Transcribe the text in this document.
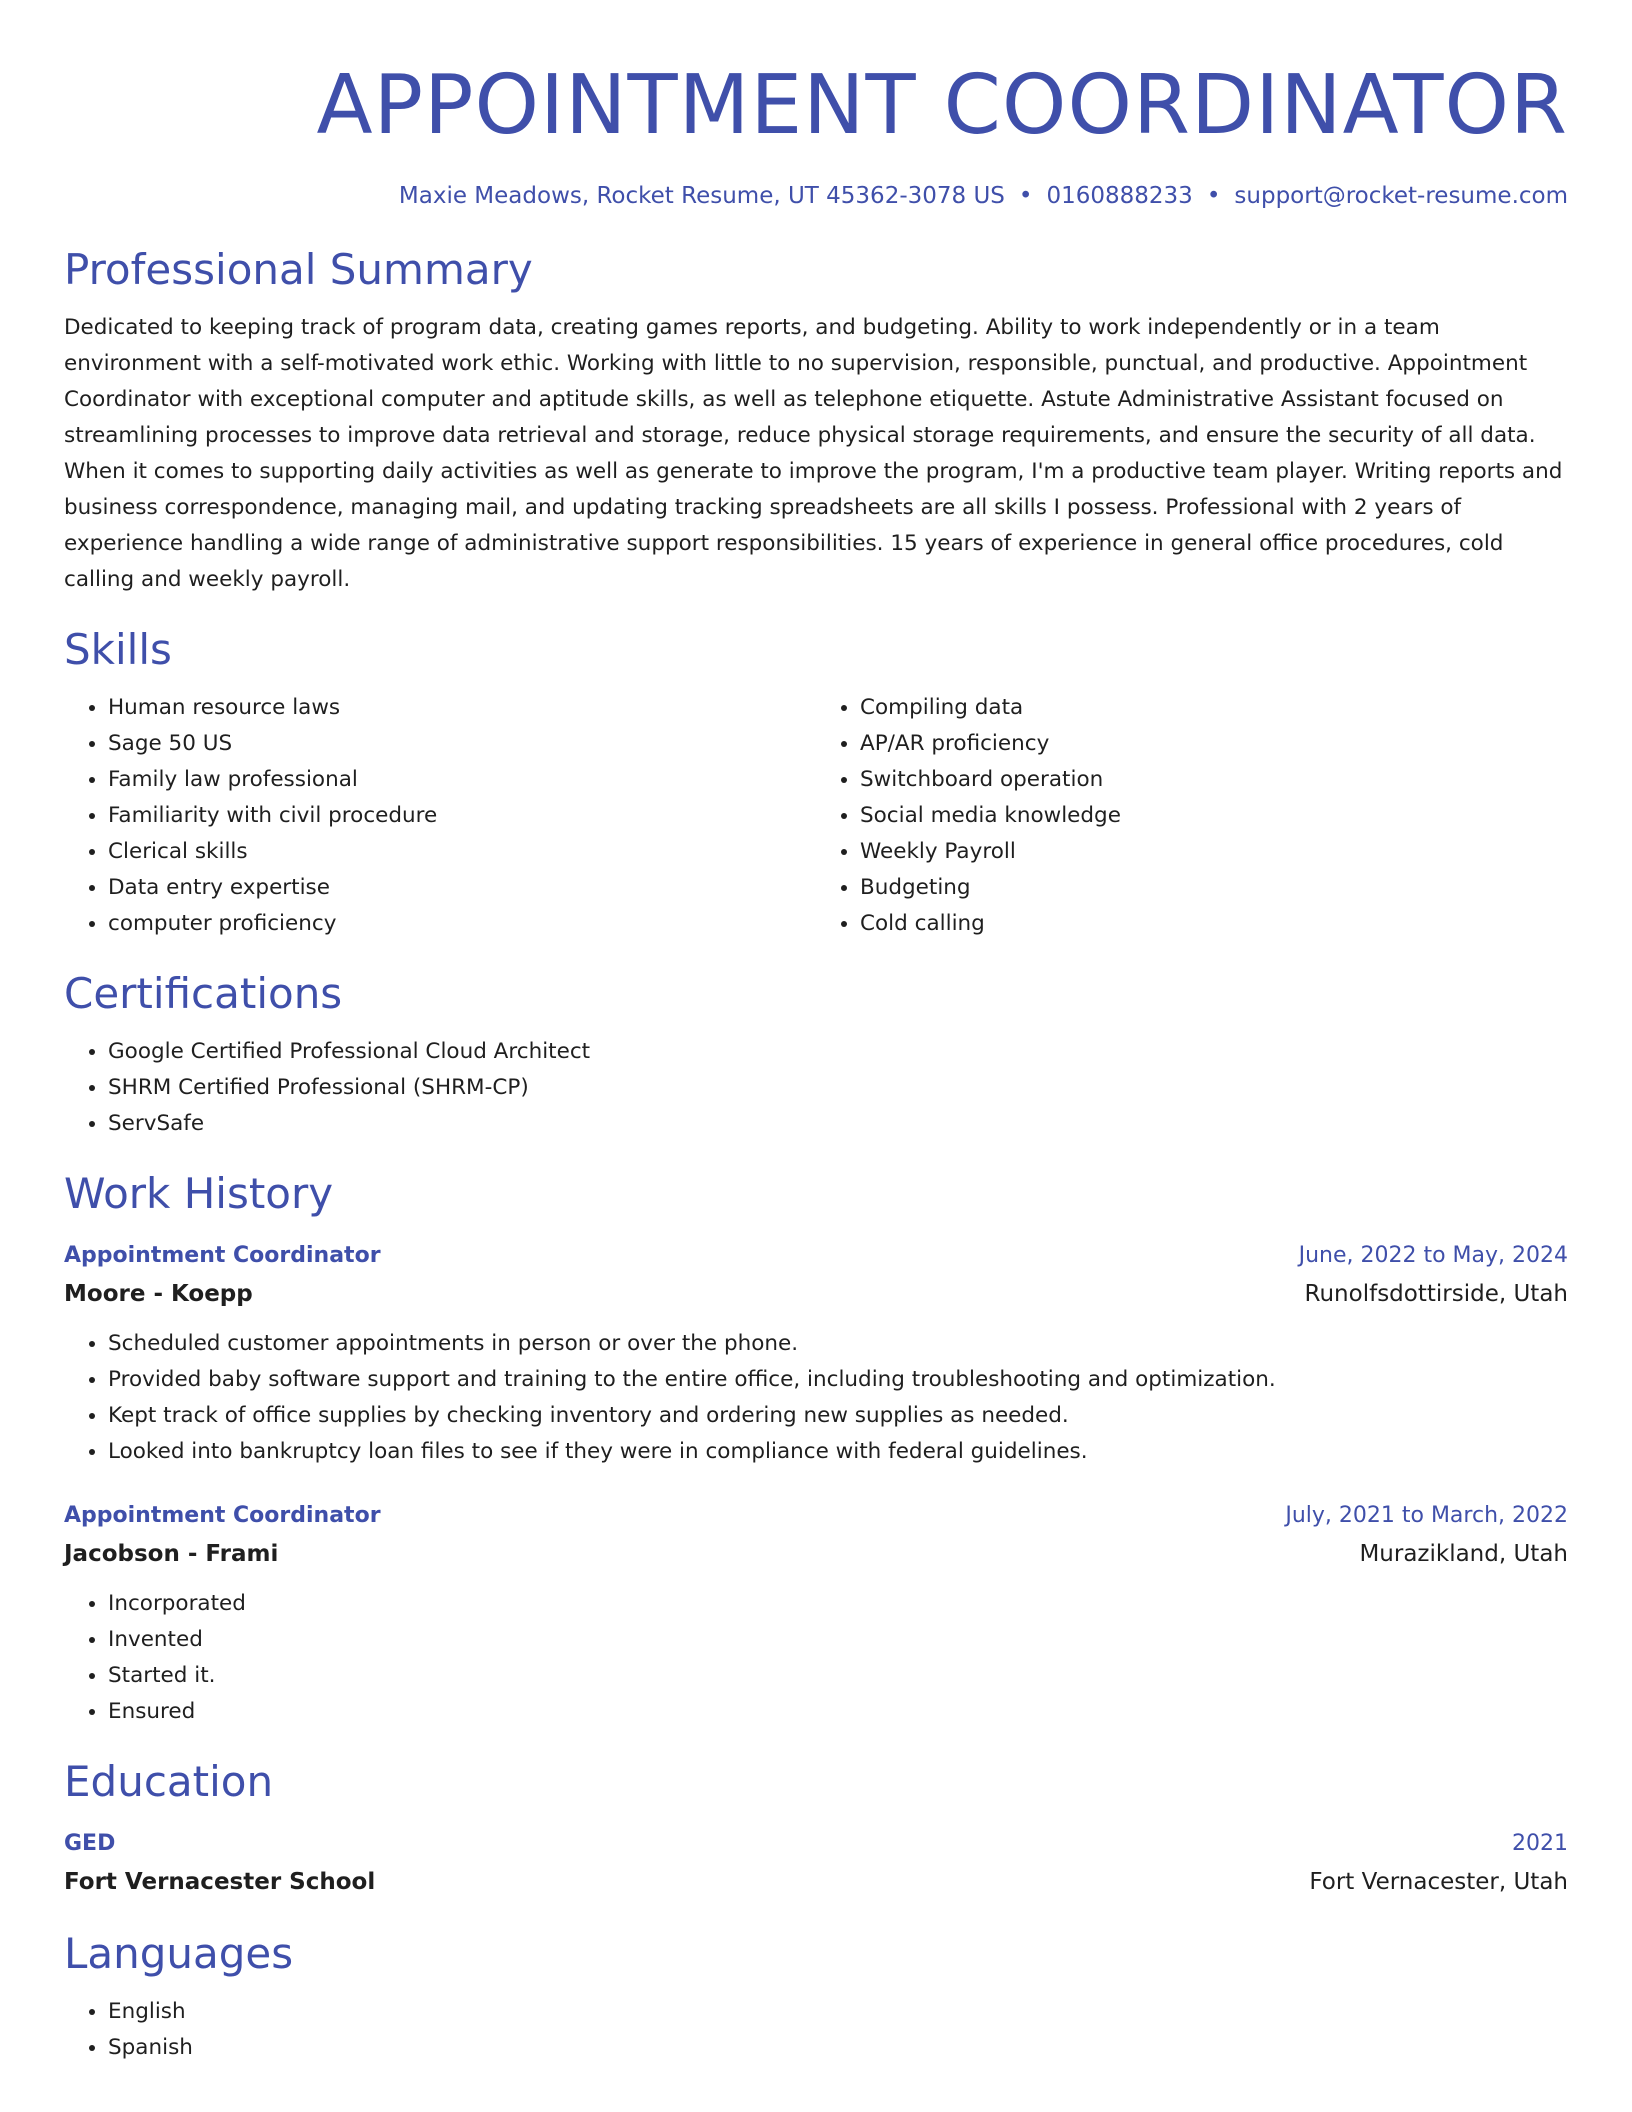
APPOINTMENT COORDINATOR
Maxie Meadows, Rocket Resume, UT 45362-3078 US • 0160888233 • support@rocket-resume.com
Professional Summary

Dedicated to keeping track of program data, creating games reports, and budgeting. Ability to work independently or in a team environment with a self-motivated work ethic. Working with little to no supervision, responsible, punctual, and productive. Appointment Coordinator with exceptional computer and aptitude skills, as well as telephone etiquette. Astute Administrative Assistant focused on streamlining processes to improve data retrieval and storage, reduce physical storage requirements, and ensure the security of all data. When it comes to supporting daily activities as well as generate to improve the program, I'm a productive team player. Writing reports and business correspondence, managing mail, and updating tracking spreadsheets are all skills I possess. Professional with 2 years of experience handling a wide range of administrative support responsibilities. 15 years of experience in general office procedures, cold calling and weekly payroll.

Skills
• Human resource laws
• Sage 50 US
• Family law professional
• Familiarity with civil procedure
• Clerical skills
• Data entry expertise
• computer proficiency
• Compiling data
• AP/AR proficiency
• Switchboard operation
• Social media knowledge
• Weekly Payroll
• Budgeting
• Cold calling
Certifications
• Google Certified Professional Cloud Architect
• SHRM Certified Professional (SHRM-CP)
• ServSafe
Work History
Appointment Coordinator	June, 2022 to May, 2024
Moore - Koepp	Runolfsdottirside, Utah
• Scheduled customer appointments in person or over the phone.
• Provided baby software support and training to the entire office, including troubleshooting and optimization.
• Kept track of office supplies by checking inventory and ordering new supplies as needed.
• Looked into bankruptcy loan files to see if they were in compliance with federal guidelines.
Appointment Coordinator	July, 2021 to March, 2022
Jacobson - Frami	Murazikland, Utah
• Incorporated
• Invented
• Started it.
• Ensured
Education
GED	2021
Fort Vernacester School	Fort Vernacester, Utah
Languages
• English
• Spanish
